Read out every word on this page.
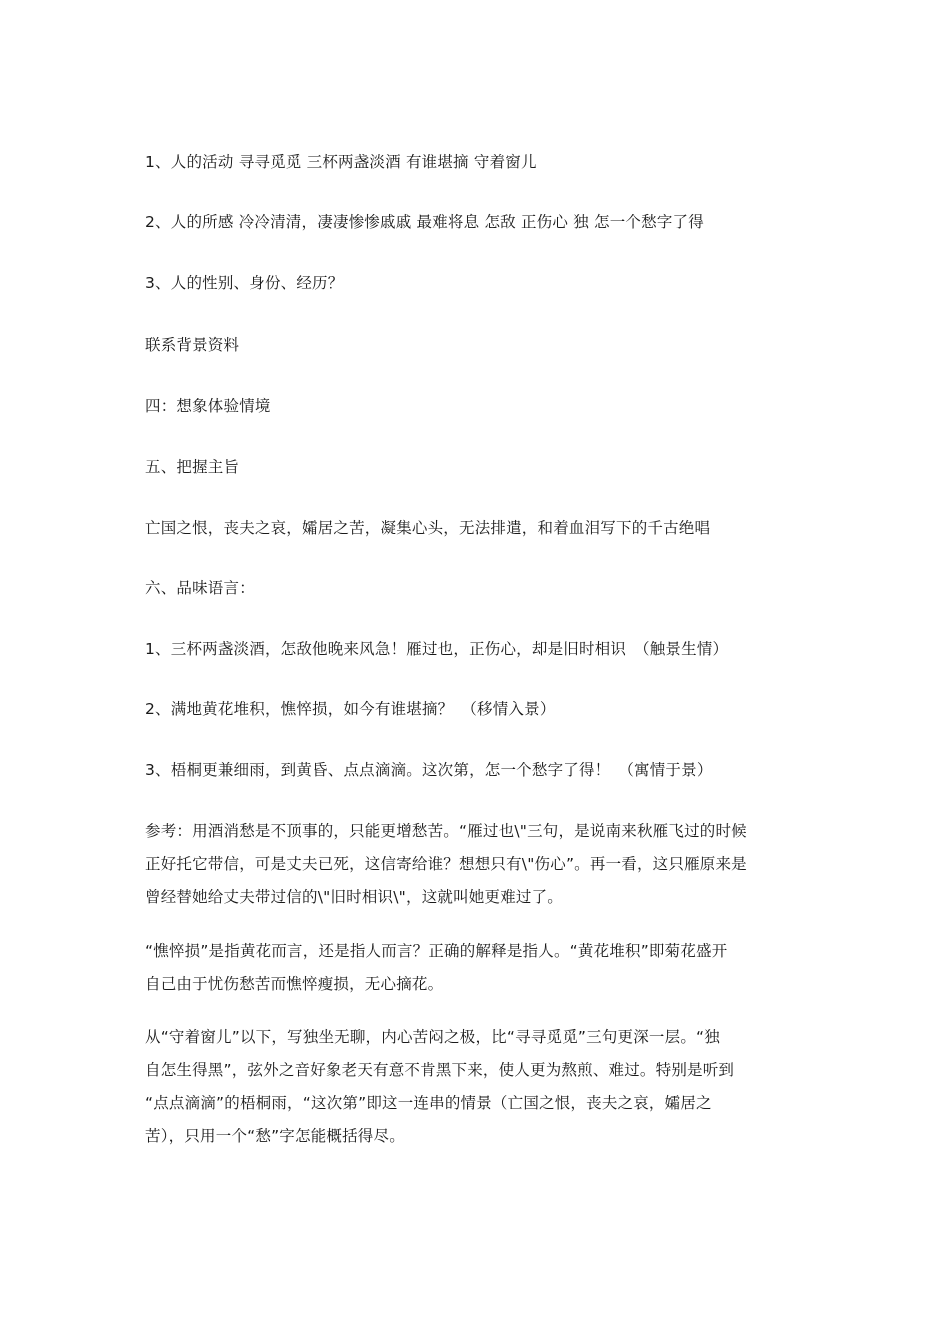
1、人的活动 寻寻觅觅 三杯两盏淡酒 有谁堪摘 守着窗儿
2、人的所感 冷冷清清，凄凄惨惨戚戚 最难将息 怎敌 正伤心 独 怎一个愁字了得
3、人的性别、身份、经历？
联系背景资料
四：想象体验情境
五、把握主旨
亡国之恨，丧夫之哀，孀居之苦，凝集心头，无法排遣，和着血泪写下的千古绝唱
六、品味语言：
1、三杯两盏淡酒，怎敌他晚来风急！雁过也，正伤心，却是旧时相识　（触景生情）
2、满地黄花堆积，憔悴损，如今有谁堪摘？　（移情入景）
3、梧桐更兼细雨，到黄昏、点点滴滴。这次第，怎一个愁字了得！　（寓情于景）
参考：用酒消愁是不顶事的，只能更增愁苦。“雁过也\"三句，是说南来秋雁飞过的时候
正好托它带信，可是丈夫已死，这信寄给谁？想想只有\"伤心”。再一看，这只雁原来是
曾经替她给丈夫带过信的\"旧时相识\"，这就叫她更难过了。
“憔悴损”是指黄花而言，还是指人而言？正确的解释是指人。“黄花堆积”即菊花盛开
自己由于忧伤愁苦而憔悴瘦损，无心摘花。
从“守着窗儿”以下，写独坐无聊，内心苦闷之极，比“寻寻觅觅”三句更深一层。“独
自怎生得黑”，弦外之音好象老天有意不肯黑下来，使人更为熬煎、难过。特别是听到
“点点滴滴”的梧桐雨，“这次第”即这一连串的情景（亡国之恨，丧夫之哀，孀居之
苦），只用一个“愁”字怎能概括得尽。
